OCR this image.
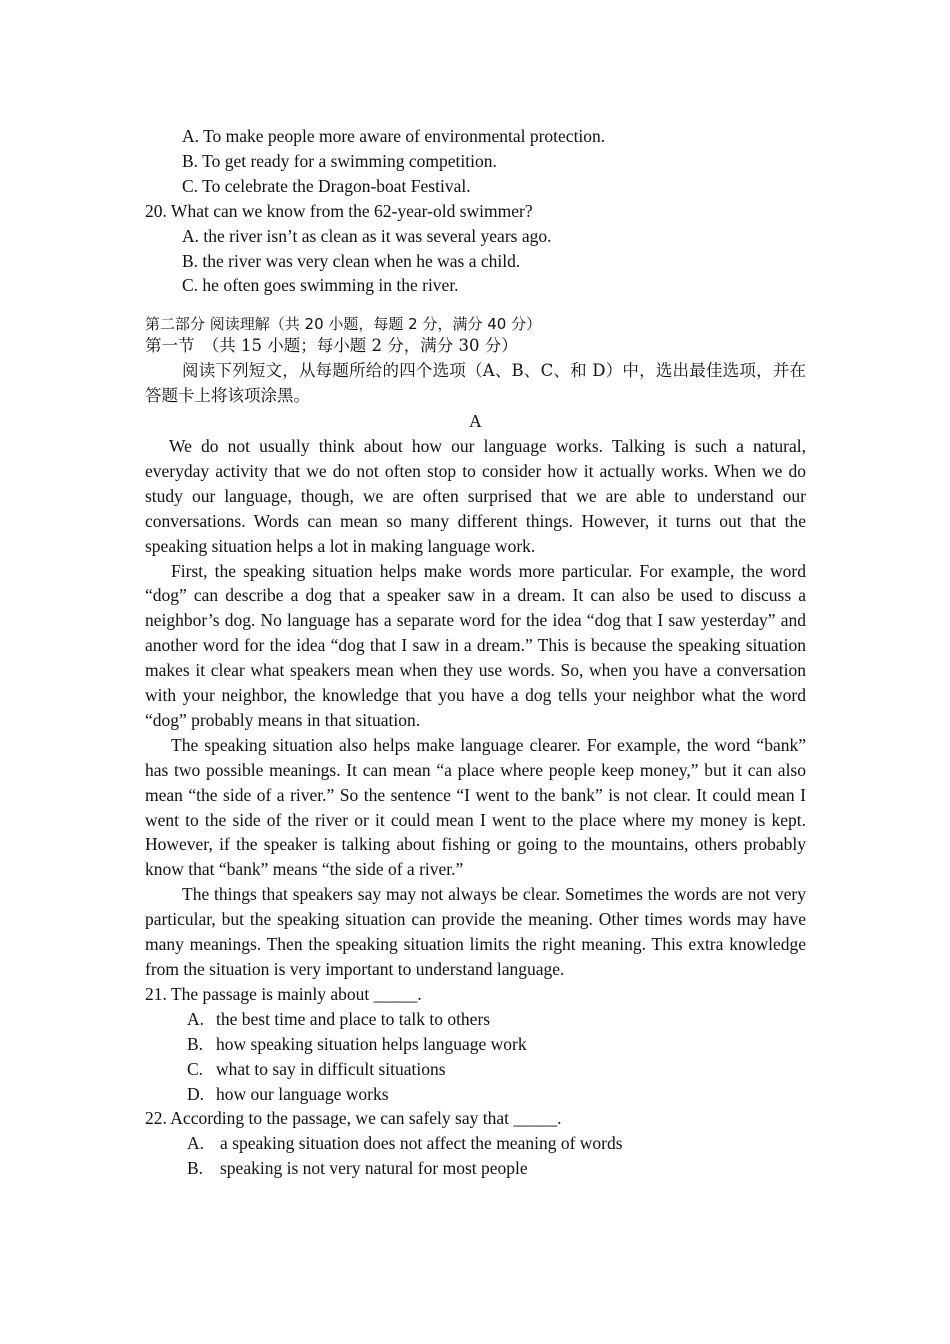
A. To make people more aware of environmental protection.
B. To get ready for a swimming competition.
C. To celebrate the Dragon-boat Festival.
20. What can we know from the 62-year-old swimmer?
A. the river isn’t as clean as it was several years ago.
B. the river was very clean when he was a child.
C. he often goes swimming in the river.
第二部分 阅读理解（共 20 小题，每题 2 分，满分 40 分）
第一节　（共 15 小题；每小题 2 分，满分 30 分）
阅读下列短文，从每题所给的四个选项（A、B、C、和 D）中，选出最佳选项，并在答题卡上将该项涂黑。
A
We do not usually think about how our language works. Talking is such a natural, everyday activity that we do not often stop to consider how it actually works. When we do study our language, though, we are often surprised that we are able to understand our conversations. Words can mean so many different things. However, it turns out that the speaking situation helps a lot in making language work.
First, the speaking situation helps make words more particular. For example, the word “dog” can describe a dog that a speaker saw in a dream. It can also be used to discuss a neighbor’s dog. No language has a separate word for the idea “dog that I saw yesterday” and another word for the idea “dog that I saw in a dream.” This is because the speaking situation makes it clear what speakers mean when they use words. So, when you have a conversation with your neighbor, the knowledge that you have a dog tells your neighbor what the word “dog” probably means in that situation.
The speaking situation also helps make language clearer. For example, the word “bank” has two possible meanings. It can mean “a place where people keep money,” but it can also mean “the side of a river.” So the sentence “I went to the bank” is not clear. It could mean I went to the side of the river or it could mean I went to the place where my money is kept. However, if the speaker is talking about fishing or going to the mountains, others probably know that “bank” means “the side of a river.”
The things that speakers say may not always be clear. Sometimes the words are not very particular, but the speaking situation can provide the meaning. Other times words may have many meanings. Then the speaking situation limits the right meaning. This extra knowledge from the situation is very important to understand language.
21. The passage is mainly about _____.
A. the best time and place to talk to others
B. how speaking situation helps language work
C. what to say in difficult situations
D. how our language works
22. According to the passage, we can safely say that _____.
A. a speaking situation does not affect the meaning of words
B. speaking is not very natural for most people
